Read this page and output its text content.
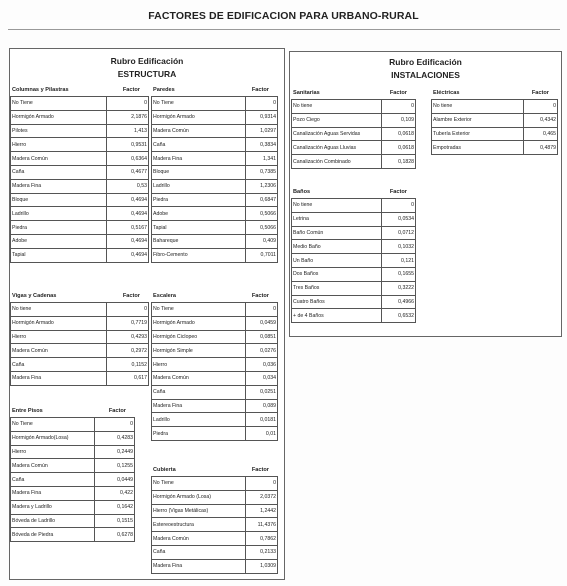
FACTORES DE EDIFICACION PARA URBANO-RURAL
Rubro Edificación
ESTRUCTURA
Rubro Edificación
INSTALACIONES
Columnas y Pilastras	Factor
No Tiene	0
Hormigón Armado	2,1876
Pilotes	1,413
Hierro	0,9531
Madera Común	0,6364
Caña	0,4677
Madera Fina	0,53
Bloque	0,4694
Ladrillo	0,4694
Piedra	0,5167
Adobe	0,4694
Tapial	0,4694
Paredes	Factor
No Tiene	0
Hormigón Armado	0,9314
Madera Común	1,0297
Caña	0,3834
Madera Fina	1,341
Bloque	0,7385
Ladrillo	1,2306
Piedra	0,6847
Adobe	0,5066
Tapial	0,5066
Bahareque	0,409
Fibro-Cemento	0,7011
Vigas y Cadenas	Factor
No tiene	0
Hormigón Armado	0,7719
Hierro	0,4293
Madera Común	0,2972
Caña	0,1152
Madera Fina	0,617
Escalera	Factor
No Tiene	0
Hormigón Armado	0,0459
Hormigón Ciclopeo	0,0851
Hormigón Simple	0,0276
Hierro	0,036
Madera Común	0,034
Caña	0,0251
Madera Fina	0,089
Ladrillo	0,0181
Piedra	0,01
Entre Pisos	Factor
No Tiene	0
Hormigón Armado(Losa)	0,4283
Hierro	0,2449
Madera Común	0,1255
Caña	0,0449
Madera Fina	0,422
Madera y Ladrillo	0,1642
Bóveda de Ladrillo	0,1515
Bóveda de Piedra	0,6278
Cubierta	Factor
No Tiene	0
Hormigón Armado (Losa)	2,0372
Hierro (Vigas Metálicas)	1,2442
Estereoestructura	11,4376
Madera Común	0,7862
Caña	0,2133
Madera Fina	1,0309
Sanitarias	Factor
No tiene	0
Pozo Ciego	0,109
Canalización Aguas Servidas	0,0618
Canalización Aguas Lluvias	0,0618
Canalización Combinado	0,1828
Eléctricas	Factor
No tiene	0
Alambre Exterior	0,4342
Tubería Exterior	0,465
Empotradas	0,4879
Baños	Factor
No tiene	0
Letrina	0,0534
Baño Común	0,0712
Medio Baño	0,1032
Un Baño	0,121
Dos Baños	0,1655
Tres Baños	0,3222
Cuatro Baños	0,4966
+ de 4 Baños	0,6532
